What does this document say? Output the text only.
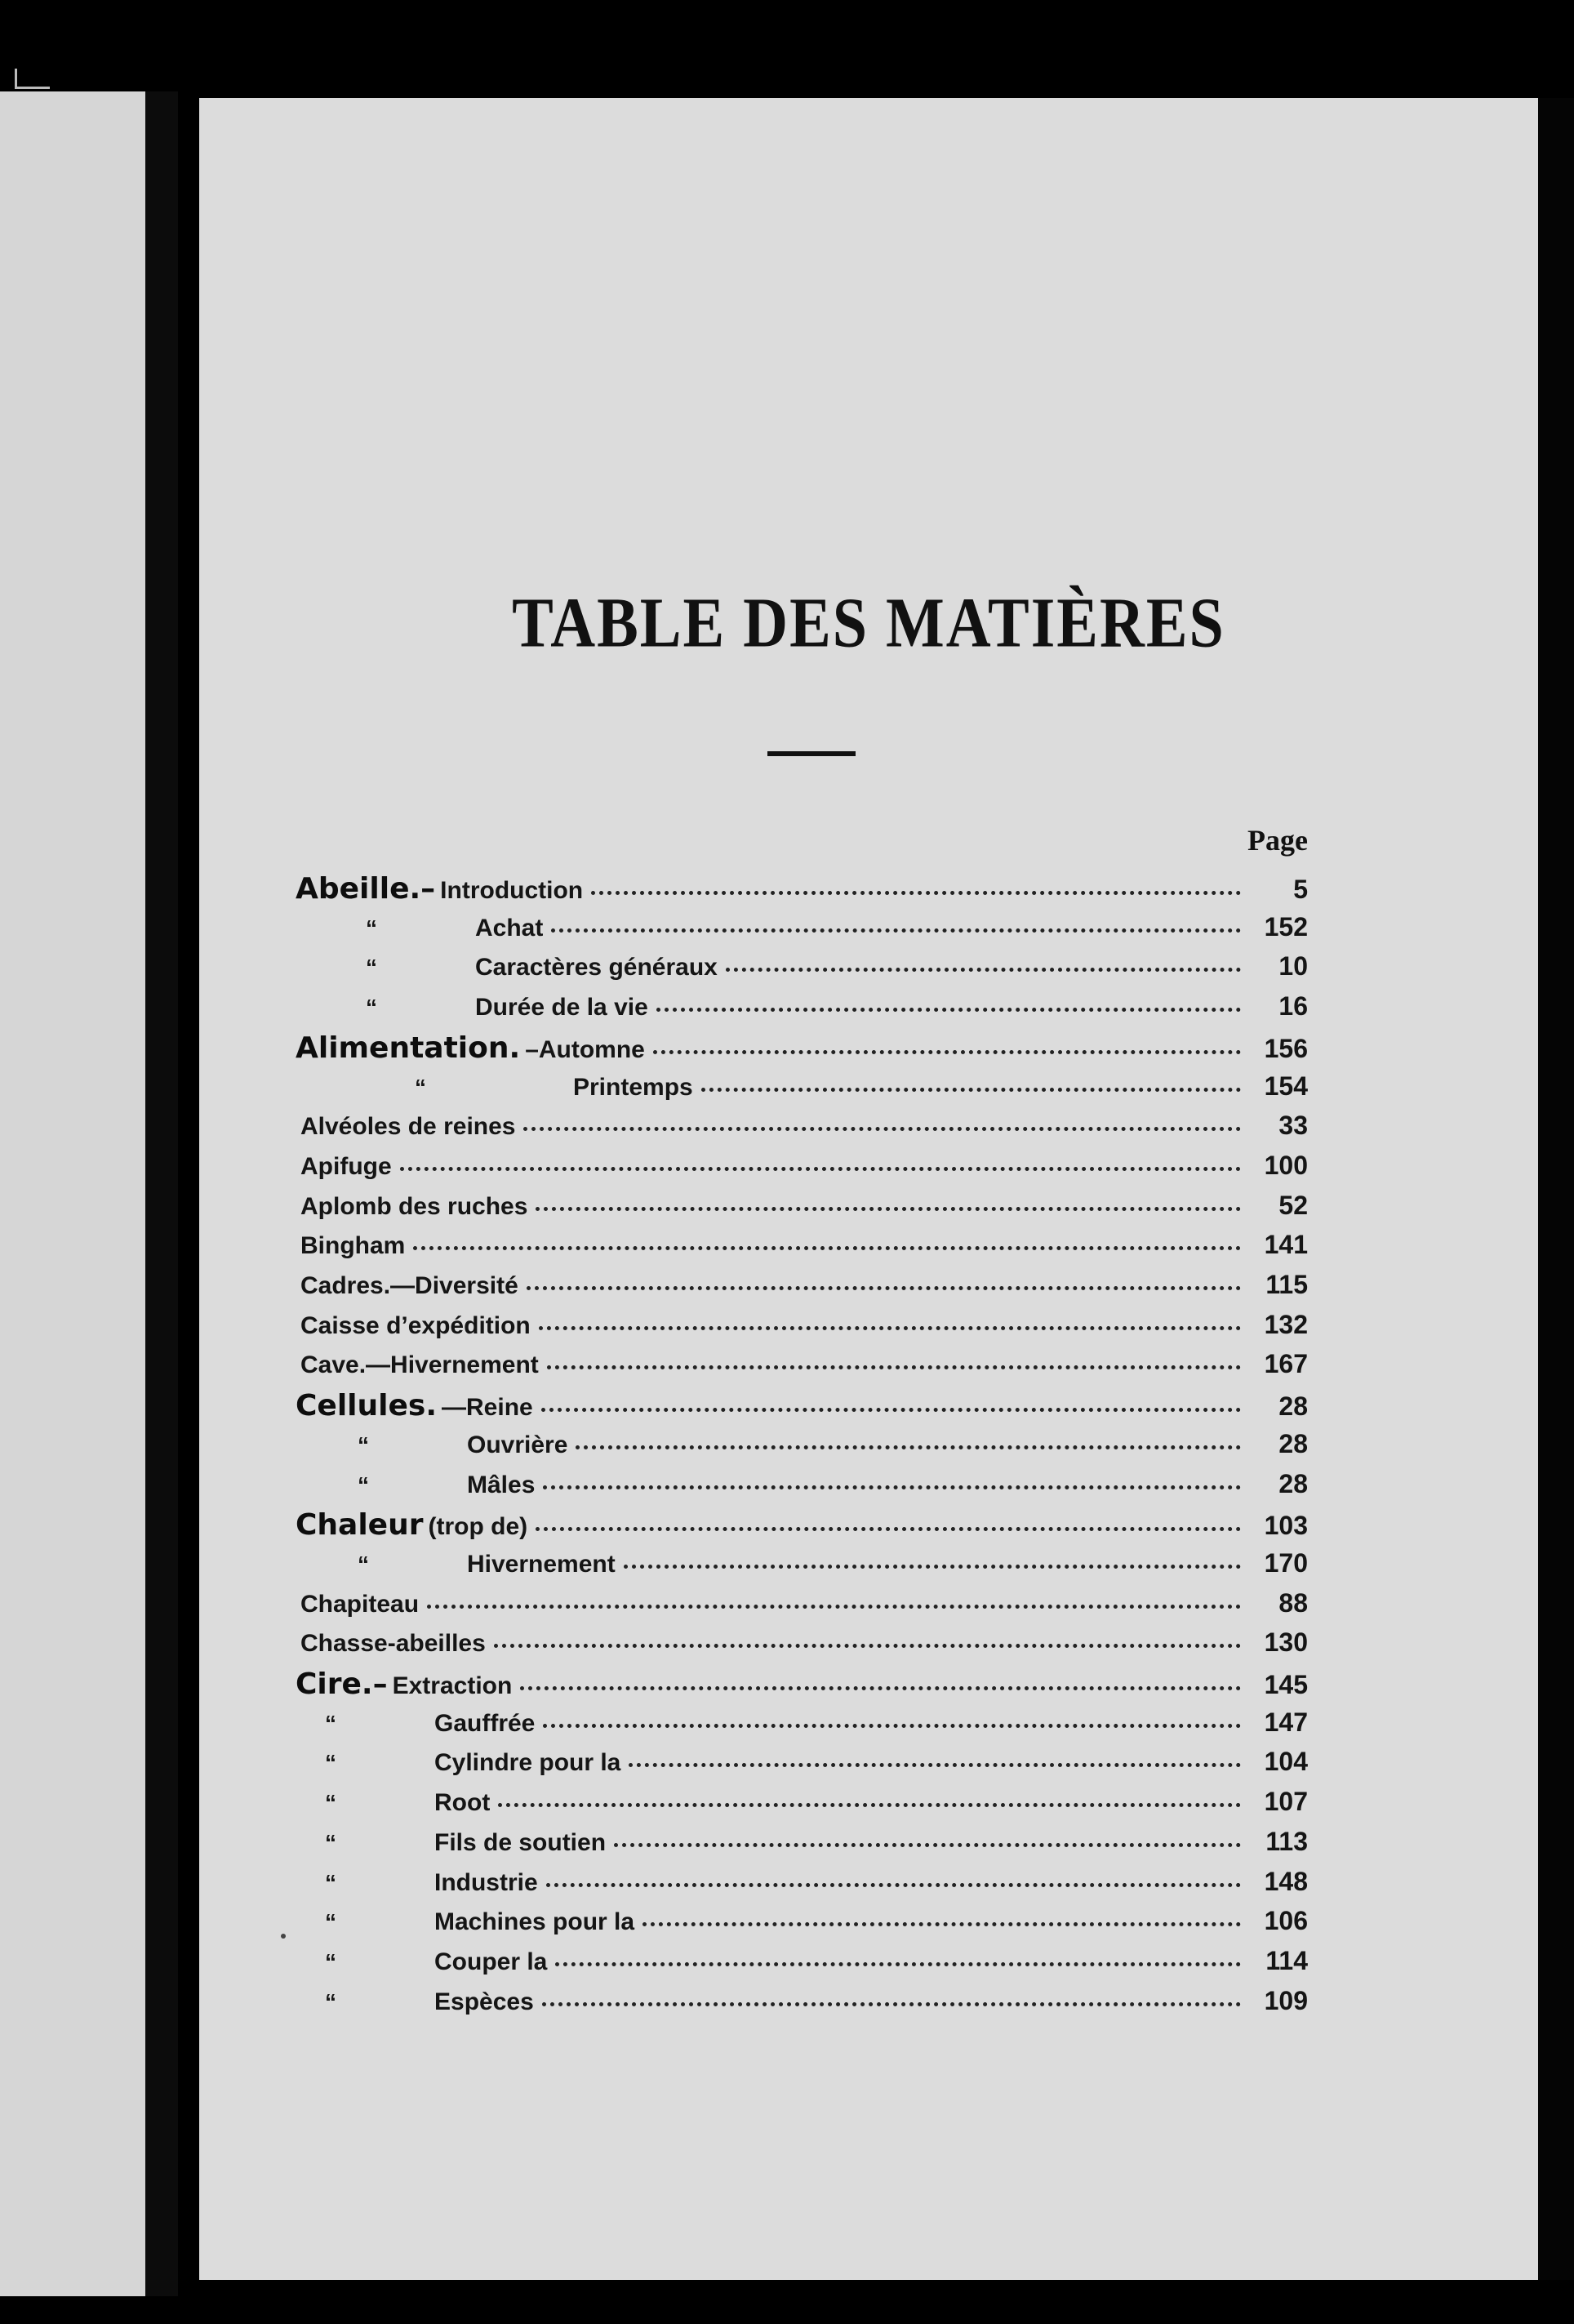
TABLE DES MATIÈRES
Page
Abeille.– Introduction	5
“	Achat	152
“	Caractères généraux	10
“	Durée de la vie	16
Alimentation. –Automne	156
“	Printemps	154
Alvéoles de reines	33
Apifuge	100
Aplomb des ruches	52
Bingham	141
Cadres.—Diversité	115
Caisse d’expédition	132
Cave.—Hivernement	167
Cellules. —Reine	28
“	Ouvrière	28
“	Mâles	28
Chaleur (trop de)	103
“	Hivernement	170
Chapiteau	88
Chasse-abeilles	130
Cire.– Extraction	145
“	Gauffrée	147
“	Cylindre pour la	104
“	Root	107
“	Fils de soutien	113
“	Industrie	148
“	Machines pour la	106
“	Couper la	114
“	Espèces	109
